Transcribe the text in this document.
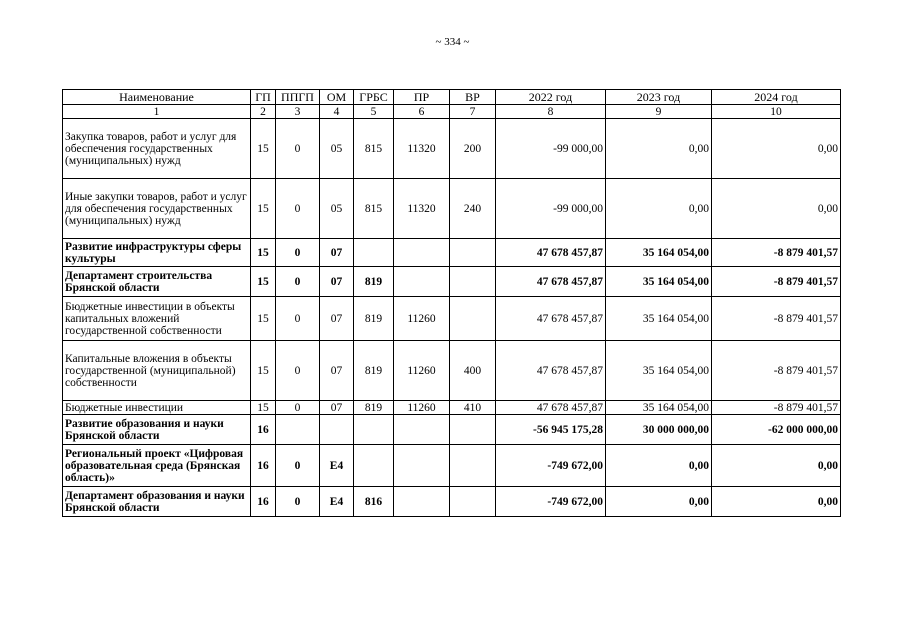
~ 334 ~
Наименование	ГП	ППГП	ОМ	ГРБС	ПР	ВР	2022 год	2023 год	2024 год
1	2	3	4	5	6	7	8	9	10
Закупка товаров, работ и услуг для обеспечения государственных (муниципальных) нужд	15	0	05	815	11320	200	-99 000,00	0,00	0,00
Иные закупки товаров, работ и услуг для обеспечения государственных (муниципальных) нужд	15	0	05	815	11320	240	-99 000,00	0,00	0,00
Развитие инфраструктуры сферы культуры	15	0	07				47 678 457,87	35 164 054,00	-8 879 401,57
Департамент строительства Брянской области	15	0	07	819			47 678 457,87	35 164 054,00	-8 879 401,57
Бюджетные инвестиции в объекты капитальных вложений государственной собственности	15	0	07	819	11260		47 678 457,87	35 164 054,00	-8 879 401,57
Капитальные вложения в объекты государственной (муниципальной) собственности	15	0	07	819	11260	400	47 678 457,87	35 164 054,00	-8 879 401,57
Бюджетные инвестиции	15	0	07	819	11260	410	47 678 457,87	35 164 054,00	-8 879 401,57
Развитие образования и науки Брянской области	16						-56 945 175,28	30 000 000,00	-62 000 000,00
Региональный проект «Цифровая образовательная среда (Брянская область)»	16	0	Е4				-749 672,00	0,00	0,00
Департамент образования и науки Брянской области	16	0	Е4	816			-749 672,00	0,00	0,00
